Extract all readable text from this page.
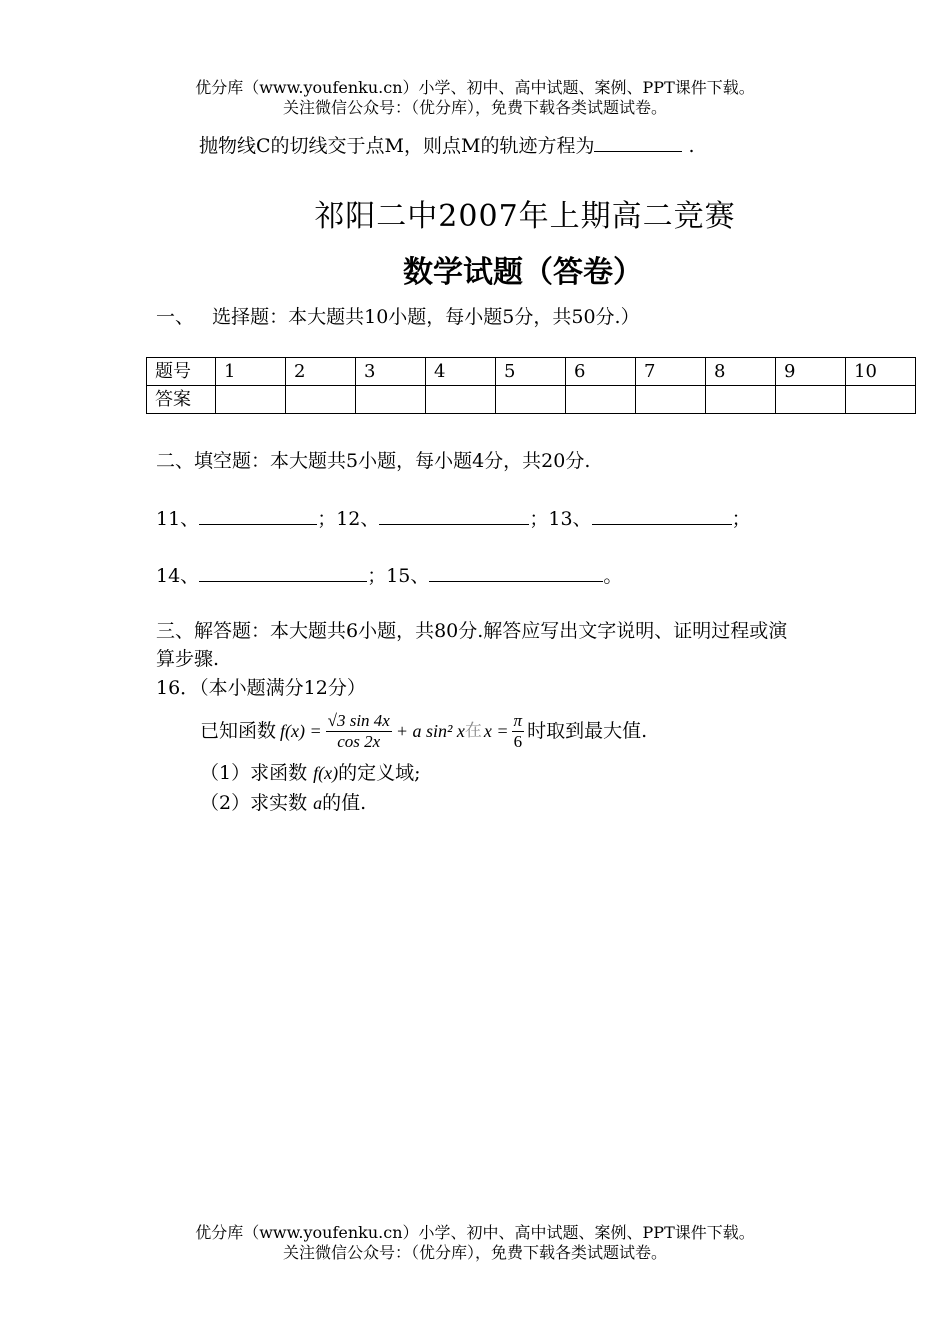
优分库（www.youfenku.cn）小学、初中、高中试题、案例、PPT课件下载。
关注微信公众号：（优分库），免费下载各类试题试卷。
抛物线C的切线交于点M，则点M的轨迹方程为	.
祁阳二中2007年上期高二竞赛
数学试题（答卷）
一、   选择题：本大题共10小题，每小题5分，共50分.）
题号	1	2	3	4	5	6	7	8	9	10
答案										
二、填空题：本大题共5小题，每小题4分，共20分.
11、	；12、	；13、	；
14、	；15、	。
三、解答题：本大题共6小题，共80分.解答应写出文字说明、证明过程或演
算步骤.
16．（本小题满分12分）
已知函数 $f(x) = \frac{√3 \sin 4x}{\cos 2x} + a$ sin² x 在 $x = \frac{\pi}{6}$ 时取到最大值.
（1）求函数 f(x)的定义域;
（2）求实数 a的值.
优分库（www.youfenku.cn）小学、初中、高中试题、案例、PPT课件下载。
关注微信公众号：（优分库），免费下载各类试题试卷。
